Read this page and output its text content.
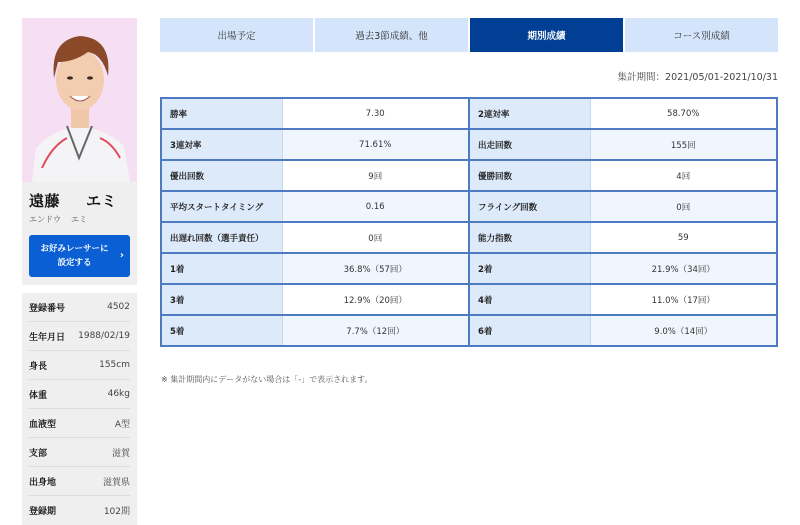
遠藤 エミ
エンドウ エミ
お好みレーサーに
設定する
›
登録番号	4502
生年月日 1988/02/19
身長	155cm
体重	46kg
血液型	A型
支部	滋賀
出身地	滋賀県
登録期	102期
出場予定	過去3節成績、他	期別成績	コース別成績
集計期間：2021/05/01-2021/10/31
勝率	7.30	2連対率	58.70%
3連対率	71.61%	出走回数	155回
優出回数	9回	優勝回数	4回
平均スタートタイミング	0.16	フライング回数	0回
出遅れ回数（選手責任）	0回	能力指数	59
1着	36.8%（57回）	2着	21.9%（34回）
3着	12.9%（20回）	4着	11.0%（17回）
5着	7.7%（12回）	6着	9.0%（14回）
※ 集計期間内にデータがない場合は「-」で表示されます。
